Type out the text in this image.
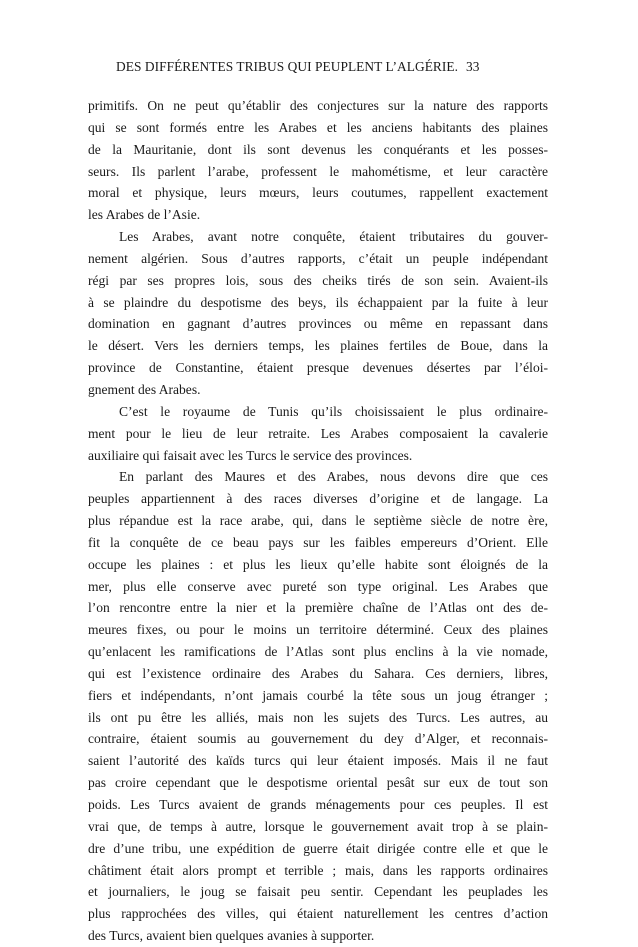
DES DIFFÉRENTES TRIBUS QUI PEUPLENT L’ALGÉRIE. 33
primitifs. On ne peut qu’établir des conjectures sur la nature des rapports
qui se sont formés entre les Arabes et les anciens habitants des plaines
de la Mauritanie, dont ils sont devenus les conquérants et les posses-
seurs. Ils parlent l’arabe, professent le mahométisme, et leur caractère
moral et physique, leurs mœurs, leurs coutumes, rappellent exactement
les Arabes de l’Asie.
Les Arabes, avant notre conquête, étaient tributaires du gouver-
nement algérien. Sous d’autres rapports, c’était un peuple indépendant
régi par ses propres lois, sous des cheiks tirés de son sein. Avaient-ils
à se plaindre du despotisme des beys, ils échappaient par la fuite à leur
domination en gagnant d’autres provinces ou même en repassant dans
le désert. Vers les derniers temps, les plaines fertiles de Boue, dans la
province de Constantine, étaient presque devenues désertes par l’éloi-
gnement des Arabes.
C’est le royaume de Tunis qu’ils choisissaient le plus ordinaire-
ment pour le lieu de leur retraite. Les Arabes composaient la cavalerie
auxiliaire qui faisait avec les Turcs le service des provinces.
En parlant des Maures et des Arabes, nous devons dire que ces
peuples appartiennent à des races diverses d’origine et de langage. La
plus répandue est la race arabe, qui, dans le septième siècle de notre ère,
fit la conquête de ce beau pays sur les faibles empereurs d’Orient. Elle
occupe les plaines : et plus les lieux qu’elle habite sont éloignés de la
mer, plus elle conserve avec pureté son type original. Les Arabes que
l’on rencontre entre la nier et la première chaîne de l’Atlas ont des de-
meures fixes, ou pour le moins un territoire déterminé. Ceux des plaines
qu’enlacent les ramifications de l’Atlas sont plus enclins à la vie nomade,
qui est l’existence ordinaire des Arabes du Sahara. Ces derniers, libres,
fiers et indépendants, n’ont jamais courbé la tête sous un joug étranger ;
ils ont pu être les alliés, mais non les sujets des Turcs. Les autres, au
contraire, étaient soumis au gouvernement du dey d’Alger, et reconnais-
saient l’autorité des kaïds turcs qui leur étaient imposés. Mais il ne faut
pas croire cependant que le despotisme oriental pesât sur eux de tout son
poids. Les Turcs avaient de grands ménagements pour ces peuples. Il est
vrai que, de temps à autre, lorsque le gouvernement avait trop à se plain-
dre d’une tribu, une expédition de guerre était dirigée contre elle et que le
châtiment était alors prompt et terrible ; mais, dans les rapports ordinaires
et journaliers, le joug se faisait peu sentir. Cependant les peuplades les
plus rapprochées des villes, qui étaient naturellement les centres d’action
des Turcs, avaient bien quelques avanies à supporter.
